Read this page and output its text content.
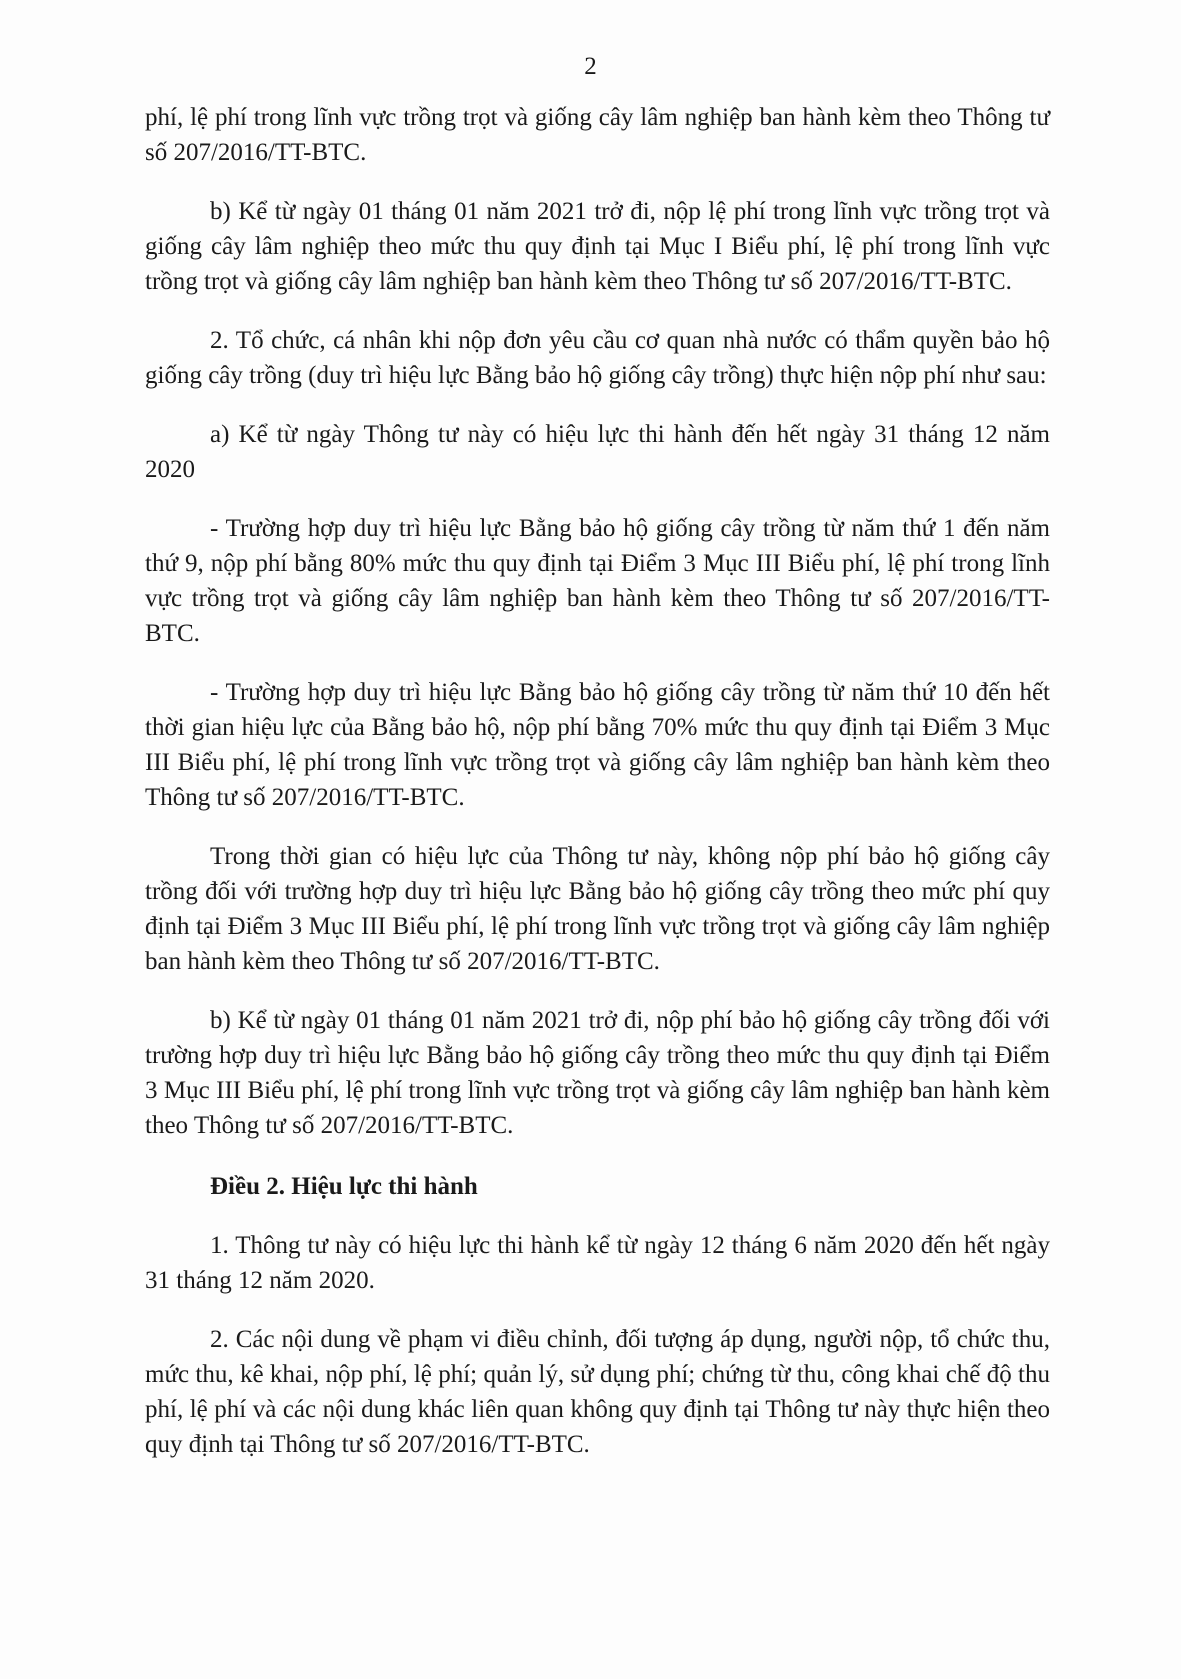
2

phí, lệ phí trong lĩnh vực trồng trọt và giống cây lâm nghiệp ban hành kèm theo Thông tư số 207/2016/TT-BTC.

b) Kể từ ngày 01 tháng 01 năm 2021 trở đi, nộp lệ phí trong lĩnh vực trồng trọt và giống cây lâm nghiệp theo mức thu quy định tại Mục I Biểu phí, lệ phí trong lĩnh vực trồng trọt và giống cây lâm nghiệp ban hành kèm theo Thông tư số 207/2016/TT-BTC.

2. Tổ chức, cá nhân khi nộp đơn yêu cầu cơ quan nhà nước có thẩm quyền bảo hộ giống cây trồng (duy trì hiệu lực Bằng bảo hộ giống cây trồng) thực hiện nộp phí như sau:

a) Kể từ ngày Thông tư này có hiệu lực thi hành đến hết ngày 31 tháng 12 năm 2020

- Trường hợp duy trì hiệu lực Bằng bảo hộ giống cây trồng từ năm thứ 1 đến năm thứ 9, nộp phí bằng 80% mức thu quy định tại Điểm 3 Mục III Biểu phí, lệ phí trong lĩnh vực trồng trọt và giống cây lâm nghiệp ban hành kèm theo Thông tư số 207/2016/TT-BTC.

- Trường hợp duy trì hiệu lực Bằng bảo hộ giống cây trồng từ năm thứ 10 đến hết thời gian hiệu lực của Bằng bảo hộ, nộp phí bằng 70% mức thu quy định tại Điểm 3 Mục III Biểu phí, lệ phí trong lĩnh vực trồng trọt và giống cây lâm nghiệp ban hành kèm theo Thông tư số 207/2016/TT-BTC.

Trong thời gian có hiệu lực của Thông tư này, không nộp phí bảo hộ giống cây trồng đối với trường hợp duy trì hiệu lực Bằng bảo hộ giống cây trồng theo mức phí quy định tại Điểm 3 Mục III Biểu phí, lệ phí trong lĩnh vực trồng trọt và giống cây lâm nghiệp ban hành kèm theo Thông tư số 207/2016/TT-BTC.

b) Kể từ ngày 01 tháng 01 năm 2021 trở đi, nộp phí bảo hộ giống cây trồng đối với trường hợp duy trì hiệu lực Bằng bảo hộ giống cây trồng theo mức thu quy định tại Điểm 3 Mục III Biểu phí, lệ phí trong lĩnh vực trồng trọt và giống cây lâm nghiệp ban hành kèm theo Thông tư số 207/2016/TT-BTC.

Điều 2. Hiệu lực thi hành

1. Thông tư này có hiệu lực thi hành kể từ ngày 12 tháng 6 năm 2020 đến hết ngày 31 tháng 12 năm 2020.

2. Các nội dung về phạm vi điều chỉnh, đối tượng áp dụng, người nộp, tổ chức thu, mức thu, kê khai, nộp phí, lệ phí; quản lý, sử dụng phí; chứng từ thu, công khai chế độ thu phí, lệ phí và các nội dung khác liên quan không quy định tại Thông tư này thực hiện theo quy định tại Thông tư số 207/2016/TT-BTC.
